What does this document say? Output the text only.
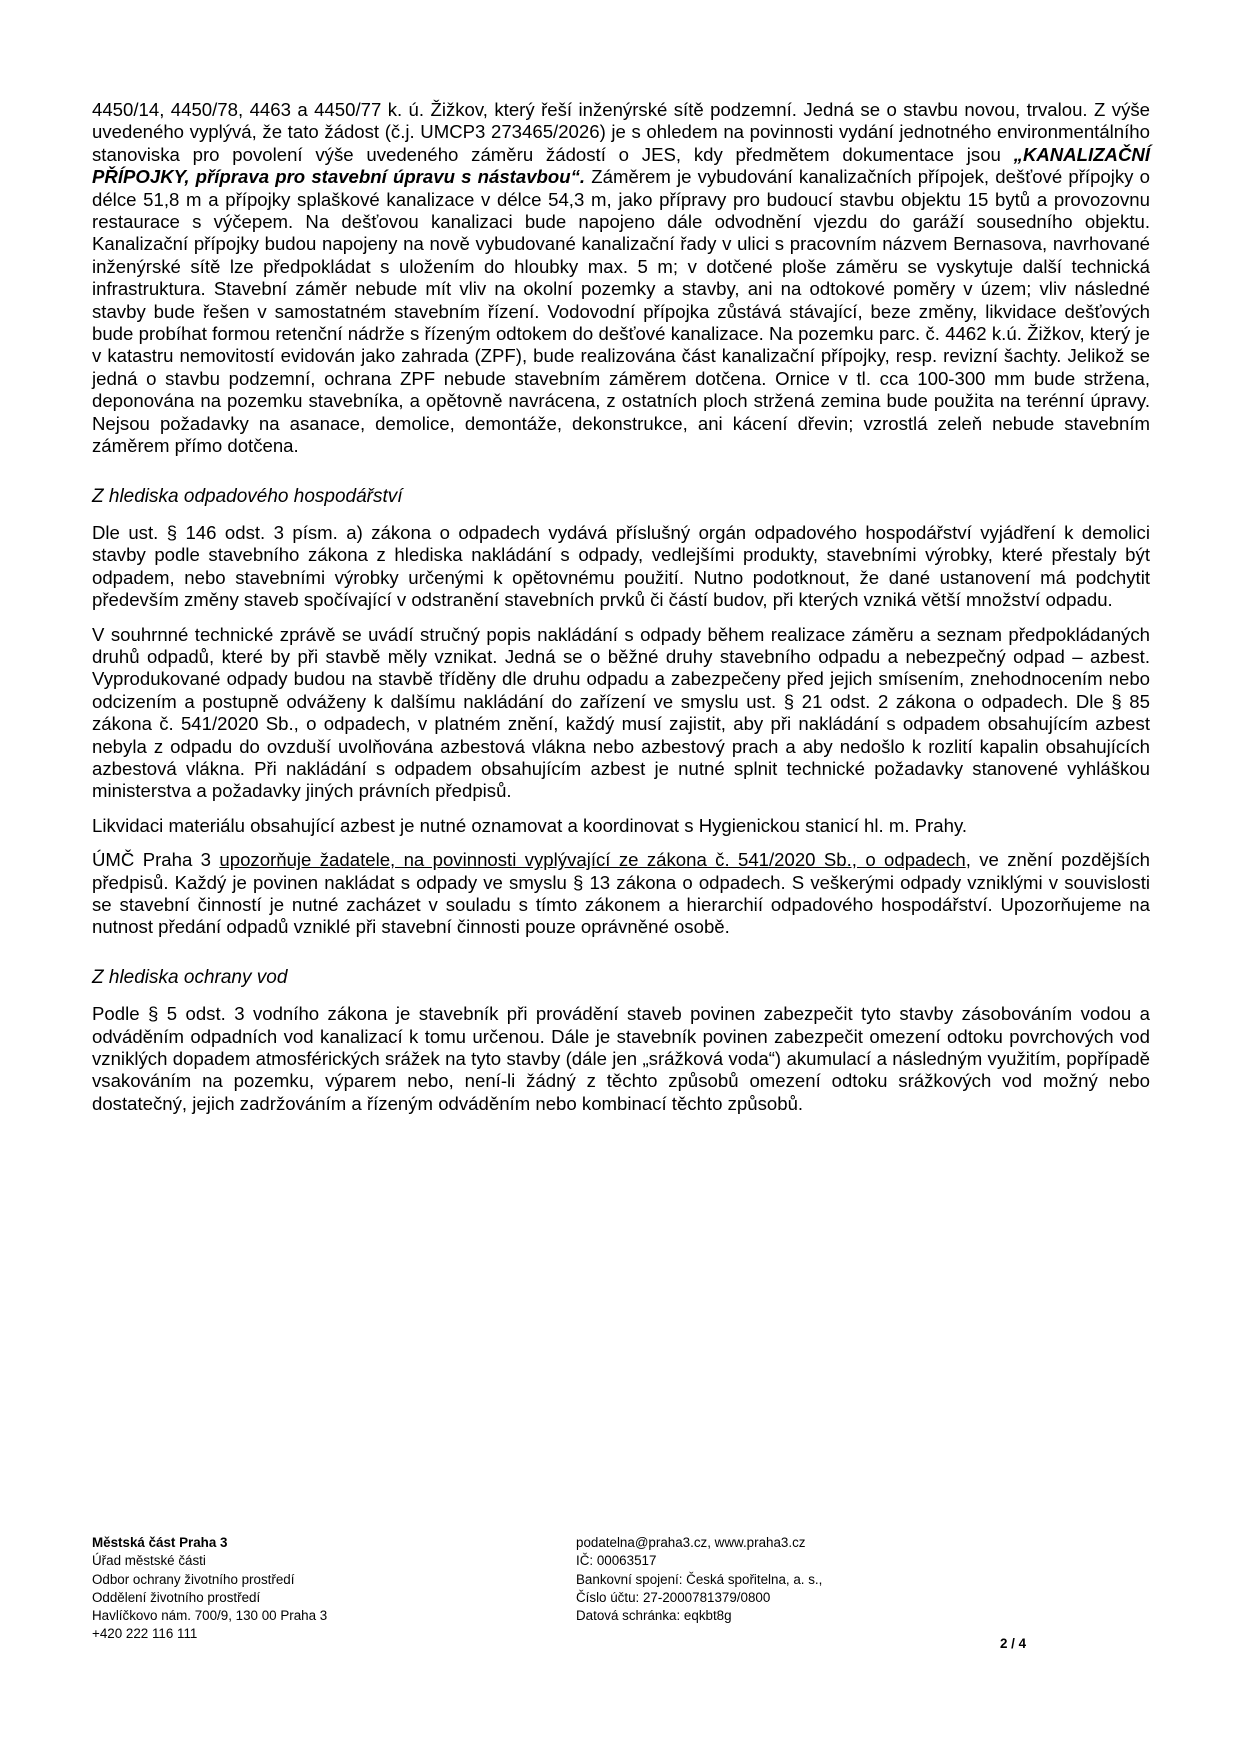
4450/14, 4450/78, 4463 a 4450/77 k. ú. Žižkov, který řeší inženýrské sítě podzemní. Jedná se o stavbu novou, trvalou. Z výše uvedeného vyplývá, že tato žádost (č.j. UMCP3 273465/2026) je s ohledem na povinnosti vydání jednotného environmentálního stanoviska pro povolení výše uvedeného záměru žádostí o JES, kdy předmětem dokumentace jsou „KANALIZAČNÍ PŘÍPOJKY, příprava pro stavební úpravu s nástavbou“. Záměrem je vybudování kanalizačních přípojek, dešťové přípojky o délce 51,8 m a přípojky splaškové kanalizace v délce 54,3 m, jako přípravy pro budoucí stavbu objektu 15 bytů a provozovnu restaurace s výčepem. Na dešťovou kanalizaci bude napojeno dále odvodnění vjezdu do garáží sousedního objektu. Kanalizační přípojky budou napojeny na nově vybudované kanalizační řady v ulici s pracovním názvem Bernasova, navrhované inženýrské sítě lze předpokládat s uložením do hloubky max. 5 m; v dotčené ploše záměru se vyskytuje další technická infrastruktura. Stavební záměr nebude mít vliv na okolní pozemky a stavby, ani na odtokové poměry v územ; vliv následné stavby bude řešen v samostatném stavebním řízení. Vodovodní přípojka zůstává stávající, beze změny, likvidace dešťových bude probíhat formou retenční nádrže s řízeným odtokem do dešťové kanalizace. Na pozemku parc. č. 4462 k.ú. Žižkov, který je v katastru nemovitostí evidován jako zahrada (ZPF), bude realizována část kanalizační přípojky, resp. revizní šachty. Jelikož se jedná o stavbu podzemní, ochrana ZPF nebude stavebním záměrem dotčena. Ornice v tl. cca 100-300 mm bude stržena, deponována na pozemku stavebníka, a opětovně navrácena, z ostatních ploch stržená zemina bude použita na terénní úpravy. Nejsou požadavky na asanace, demolice, demontáže, dekonstrukce, ani kácení dřevin; vzrostlá zeleň nebude stavebním záměrem přímo dotčena.

Z hlediska odpadového hospodářství

Dle ust. § 146 odst. 3 písm. a) zákona o odpadech vydává příslušný orgán odpadového hospodářství vyjádření k demolici stavby podle stavebního zákona z hlediska nakládání s odpady, vedlejšími produkty, stavebními výrobky, které přestaly být odpadem, nebo stavebními výrobky určenými k opětovnému použití. Nutno podotknout, že dané ustanovení má podchytit především změny staveb spočívající v odstranění stavebních prvků či částí budov, při kterých vzniká větší množství odpadu.

V souhrnné technické zprávě se uvádí stručný popis nakládání s odpady během realizace záměru a seznam předpokládaných druhů odpadů, které by při stavbě měly vznikat. Jedná se o běžné druhy stavebního odpadu a nebezpečný odpad – azbest. Vyprodukované odpady budou na stavbě tříděny dle druhu odpadu a zabezpečeny před jejich smísením, znehodnocením nebo odcizením a postupně odváženy k dalšímu nakládání do zařízení ve smyslu ust. § 21 odst. 2 zákona o odpadech. Dle § 85 zákona č. 541/2020 Sb., o odpadech, v platném znění, každý musí zajistit, aby při nakládání s odpadem obsahujícím azbest nebyla z odpadu do ovzduší uvolňována azbestová vlákna nebo azbestový prach a aby nedošlo k rozlití kapalin obsahujících azbestová vlákna. Při nakládání s odpadem obsahujícím azbest je nutné splnit technické požadavky stanovené vyhláškou ministerstva a požadavky jiných právních předpisů.

Likvidaci materiálu obsahující azbest je nutné oznamovat a koordinovat s Hygienickou stanicí hl. m. Prahy.

ÚMČ Praha 3 upozorňuje žadatele, na povinnosti vyplývající ze zákona č. 541/2020 Sb., o odpadech, ve znění pozdějších předpisů. Každý je povinen nakládat s odpady ve smyslu § 13 zákona o odpadech. S veškerými odpady vzniklými v souvislosti se stavební činností je nutné zacházet v souladu s tímto zákonem a hierarchií odpadového hospodářství. Upozorňujeme na nutnost předání odpadů vzniklé při stavební činnosti pouze oprávněné osobě.

Z hlediska ochrany vod

Podle § 5 odst. 3 vodního zákona je stavebník při provádění staveb povinen zabezpečit tyto stavby zásobováním vodou a odváděním odpadních vod kanalizací k tomu určenou. Dále je stavebník povinen zabezpečit omezení odtoku povrchových vod vzniklých dopadem atmosférických srážek na tyto stavby (dále jen „srážková voda“) akumulací a následným využitím, popřípadě vsakováním na pozemku, výparem nebo, není-li žádný z těchto způsobů omezení odtoku srážkových vod možný nebo dostatečný, jejich zadržováním a řízeným odváděním nebo kombinací těchto způsobů.

Městská část Praha 3
Úřad městské části
Odbor ochrany životního prostředí
Oddělení životního prostředí
Havlíčkovo nám. 700/9, 130 00 Praha 3
+420 222 116 111
podatelna@praha3.cz, www.praha3.cz
IČ: 00063517
Bankovní spojení: Česká spořitelna, a. s.,
Číslo účtu: 27-2000781379/0800
Datová schránka: eqkbt8g
2 / 4
